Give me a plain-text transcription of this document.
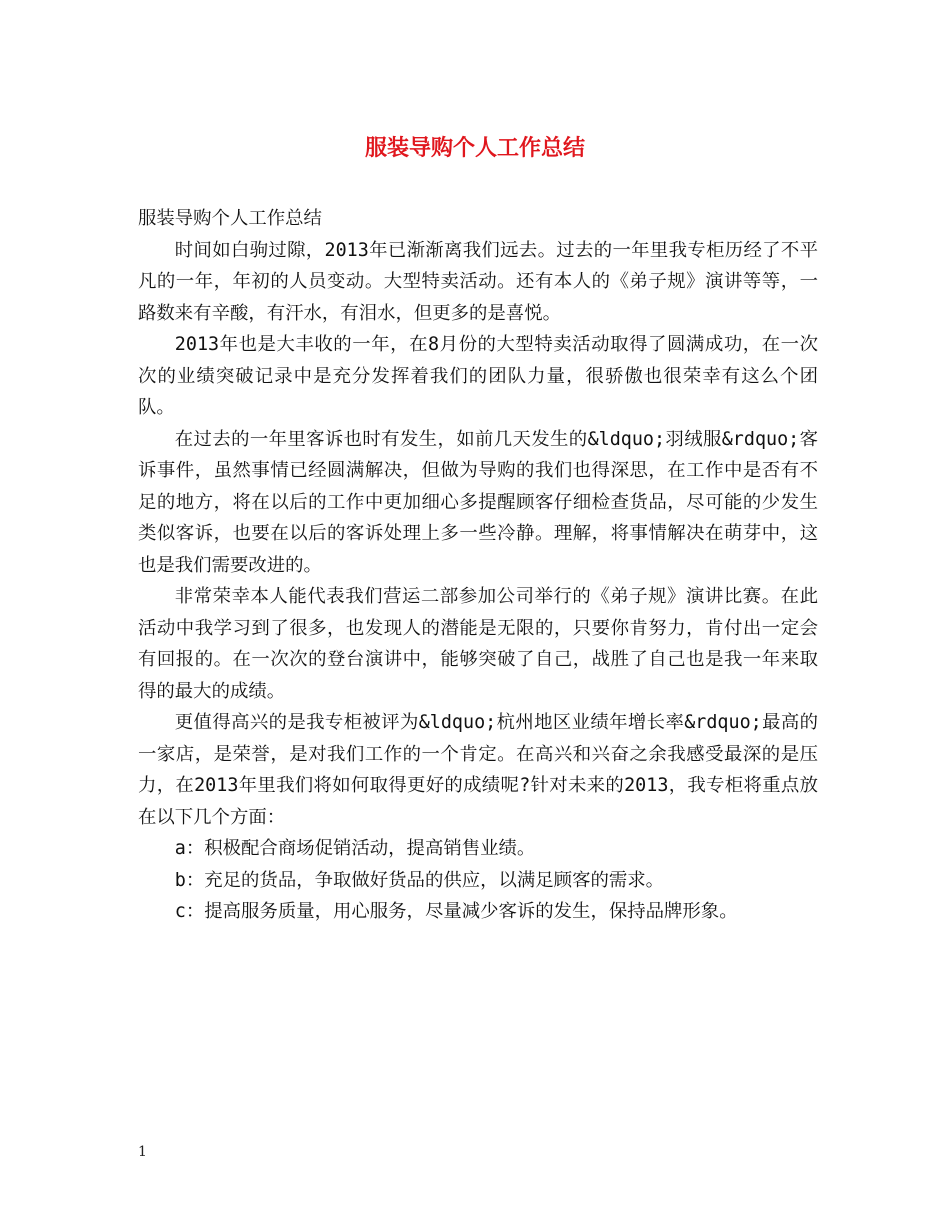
服装导购个人工作总结

服装导购个人工作总结

时间如白驹过隙，2013年已渐渐离我们远去。过去的一年里我专柜历经了不平凡的一年，年初的人员变动。大型特卖活动。还有本人的《弟子规》演讲等等，一路数来有辛酸，有汗水，有泪水，但更多的是喜悦。

2013年也是大丰收的一年，在8月份的大型特卖活动取得了圆满成功，在一次次的业绩突破记录中是充分发挥着我们的团队力量，很骄傲也很荣幸有这么个团队。

在过去的一年里客诉也时有发生，如前几天发生的&ldquo;羽绒服&rdquo;客诉事件，虽然事情已经圆满解决，但做为导购的我们也得深思，在工作中是否有不足的地方，将在以后的工作中更加细心多提醒顾客仔细检查货品，尽可能的少发生类似客诉，也要在以后的客诉处理上多一些冷静。理解，将事情解决在萌芽中，这也是我们需要改进的。

非常荣幸本人能代表我们营运二部参加公司举行的《弟子规》演讲比赛。在此活动中我学习到了很多，也发现人的潜能是无限的，只要你肯努力，肯付出一定会有回报的。在一次次的登台演讲中，能够突破了自己，战胜了自己也是我一年来取得的最大的成绩。

更值得高兴的是我专柜被评为&ldquo;杭州地区业绩年增长率&rdquo;最高的一家店，是荣誉，是对我们工作的一个肯定。在高兴和兴奋之余我感受最深的是压力，在2013年里我们将如何取得更好的成绩呢?针对未来的2013，我专柜将重点放在以下几个方面：

a：积极配合商场促销活动，提高销售业绩。

b：充足的货品，争取做好货品的供应，以满足顾客的需求。

c：提高服务质量，用心服务，尽量减少客诉的发生，保持品牌形象。

1
